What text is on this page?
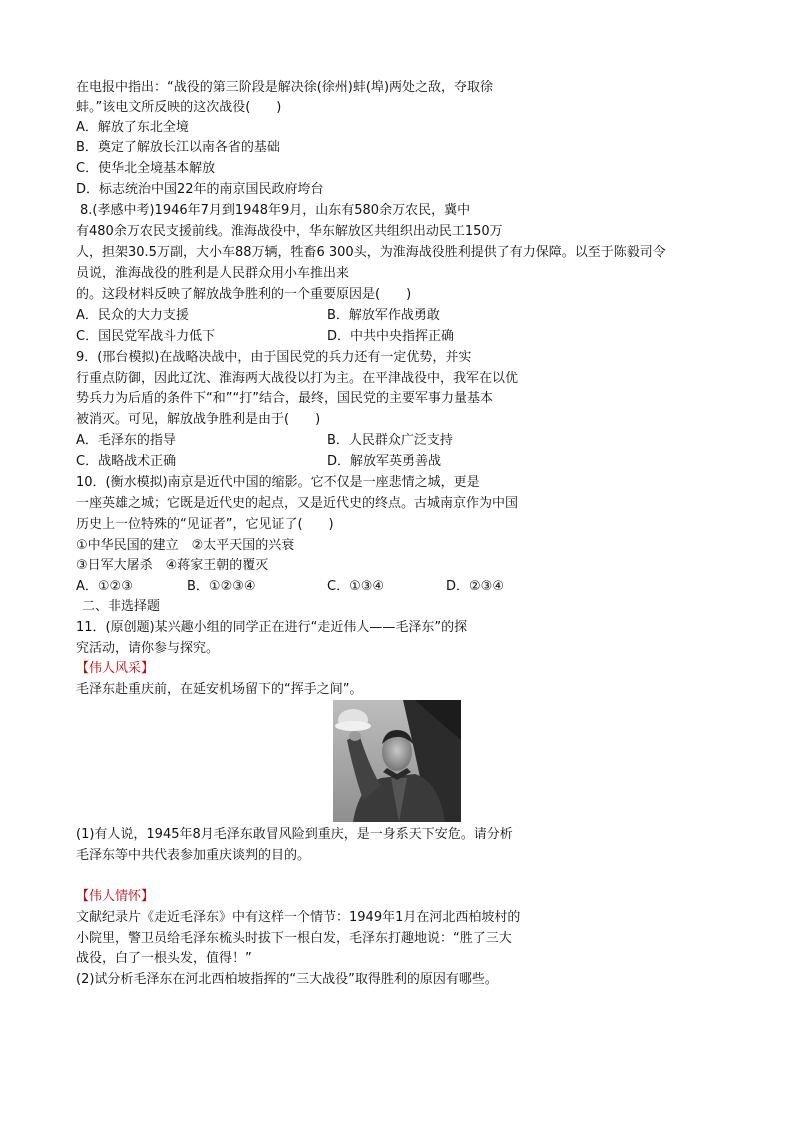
在电报中指出：“战役的第三阶段是解决徐(徐州)蚌(埠)两处之敌，夺取徐
蚌。”该电文所反映的这次战役(　　)
A．解放了东北全境
B．奠定了解放长江以南各省的基础
C．使华北全境基本解放
D．标志统治中国22年的南京国民政府垮台
8.(孝感中考)1946年7月到1948年9月，山东有580余万农民，冀中
有480余万农民支援前线。淮海战役中，华东解放区共组织出动民工150万
人，担架30.5万副，大小车88万辆，牲畜6 300头，为淮海战役胜利提供了有力保障。以至于陈毅司令
员说，淮海战役的胜利是人民群众用小车推出来
的。这段材料反映了解放战争胜利的一个重要原因是(　　)
A．民众的大力支援	B．解放军作战勇敢
C．国民党军战斗力低下	D．中共中央指挥正确
9．(邢台模拟)在战略决战中，由于国民党的兵力还有一定优势，并实
行重点防御，因此辽沈、淮海两大战役以打为主。在平津战役中，我军在以优
势兵力为后盾的条件下“和”“打”结合，最终，国民党的主要军事力量基本
被消灭。可见，解放战争胜利是由于(　　)
A．毛泽东的指导	B．人民群众广泛支持
C．战略战术正确	D．解放军英勇善战
10．(衡水模拟)南京是近代中国的缩影。它不仅是一座悲情之城，更是
一座英雄之城；它既是近代史的起点，又是近代史的终点。古城南京作为中国
历史上一位特殊的“见证者”，它见证了(　　)
①中华民国的建立　②太平天国的兴衰
③日军大屠杀　④蒋家王朝的覆灭
A．①②③	B．①②③④	C．①③④	D．②③④
二、非选择题
11．(原创题)某兴趣小组的同学正在进行“走近伟人——毛泽东”的探
究活动，请你参与探究。
【伟人风采】
毛泽东赴重庆前，在延安机场留下的“挥手之间”。
(1)有人说，1945年8月毛泽东敢冒风险到重庆，是一身系天下安危。请分析
毛泽东等中共代表参加重庆谈判的目的。
【伟人情怀】
文献纪录片《走近毛泽东》中有这样一个情节：1949年1月在河北西柏坡村的
小院里，警卫员给毛泽东梳头时拔下一根白发，毛泽东打趣地说：“胜了三大
战役，白了一根头发，值得！”
(2)试分析毛泽东在河北西柏坡指挥的“三大战役”取得胜利的原因有哪些。
